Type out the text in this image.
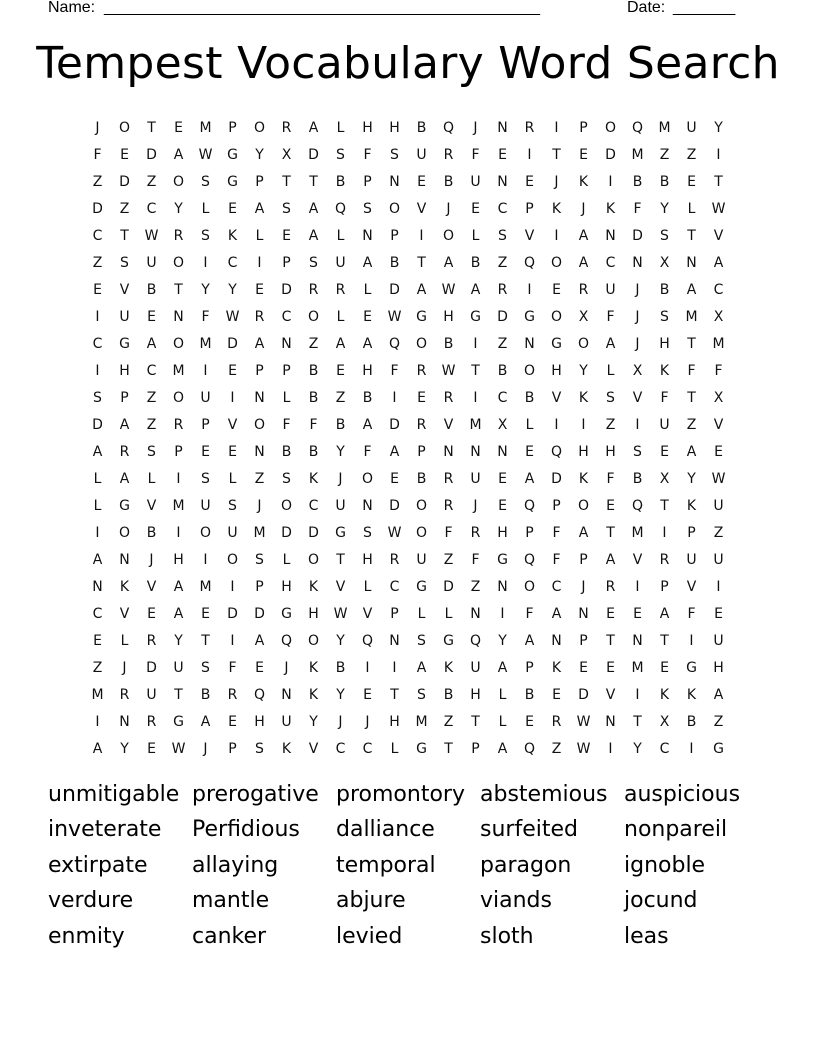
Name: _________________________________________________	Date: _______
Tempest Vocabulary Word Search
J	O	T	E	M	P	O	R	A	L	H	H	B	Q	J	N	R	I	P	O	Q	M	U	Y
F	E	D	A	W	G	Y	X	D	S	F	S	U	R	F	E	I	T	E	D	M	Z	Z	I
Z	D	Z	O	S	G	P	T	T	B	P	N	E	B	U	N	E	J	K	I	B	B	E	T
D	Z	C	Y	L	E	A	S	A	Q	S	O	V	J	E	C	P	K	J	K	F	Y	L	W
C	T	W	R	S	K	L	E	A	L	N	P	I	O	L	S	V	I	A	N	D	S	T	V
Z	S	U	O	I	C	I	P	S	U	A	B	T	A	B	Z	Q	O	A	C	N	X	N	A
E	V	B	T	Y	Y	E	D	R	R	L	D	A	W	A	R	I	E	R	U	J	B	A	C
I	U	E	N	F	W	R	C	O	L	E	W	G	H	G	D	G	O	X	F	J	S	M	X
C	G	A	O	M	D	A	N	Z	A	A	Q	O	B	I	Z	N	G	O	A	J	H	T	M
I	H	C	M	I	E	P	P	B	E	H	F	R	W	T	B	O	H	Y	L	X	K	F	F
S	P	Z	O	U	I	N	L	B	Z	B	I	E	R	I	C	B	V	K	S	V	F	T	X
D	A	Z	R	P	V	O	F	F	B	A	D	R	V	M	X	L	I	I	Z	I	U	Z	V
A	R	S	P	E	E	N	B	B	Y	F	A	P	N	N	N	E	Q	H	H	S	E	A	E
L	A	L	I	S	L	Z	S	K	J	O	E	B	R	U	E	A	D	K	F	B	X	Y	W
L	G	V	M	U	S	J	O	C	U	N	D	O	R	J	E	Q	P	O	E	Q	T	K	U
I	O	B	I	O	U	M	D	D	G	S	W	O	F	R	H	P	F	A	T	M	I	P	Z
A	N	J	H	I	O	S	L	O	T	H	R	U	Z	F	G	Q	F	P	A	V	R	U	U
N	K	V	A	M	I	P	H	K	V	L	C	G	D	Z	N	O	C	J	R	I	P	V	I
C	V	E	A	E	D	D	G	H	W	V	P	L	L	N	I	F	A	N	E	E	A	F	E
E	L	R	Y	T	I	A	Q	O	Y	Q	N	S	G	Q	Y	A	N	P	T	N	T	I	U
Z	J	D	U	S	F	E	J	K	B	I	I	A	K	U	A	P	K	E	E	M	E	G	H
M	R	U	T	B	R	Q	N	K	Y	E	T	S	B	H	L	B	E	D	V	I	K	K	A
I	N	R	G	A	E	H	U	Y	J	J	H	M	Z	T	L	E	R	W	N	T	X	B	Z
A	Y	E	W	J	P	S	K	V	C	C	L	G	T	P	A	Q	Z	W	I	Y	C	I	G
unmitigable prerogative promontory abstemious auspicious
inveterate Perfidious dalliance surfeited nonpareil
extirpate allaying	temporal paragon ignoble
verdure	mantle	abjure	viands	jocund
enmity	canker	levied	sloth	leas
